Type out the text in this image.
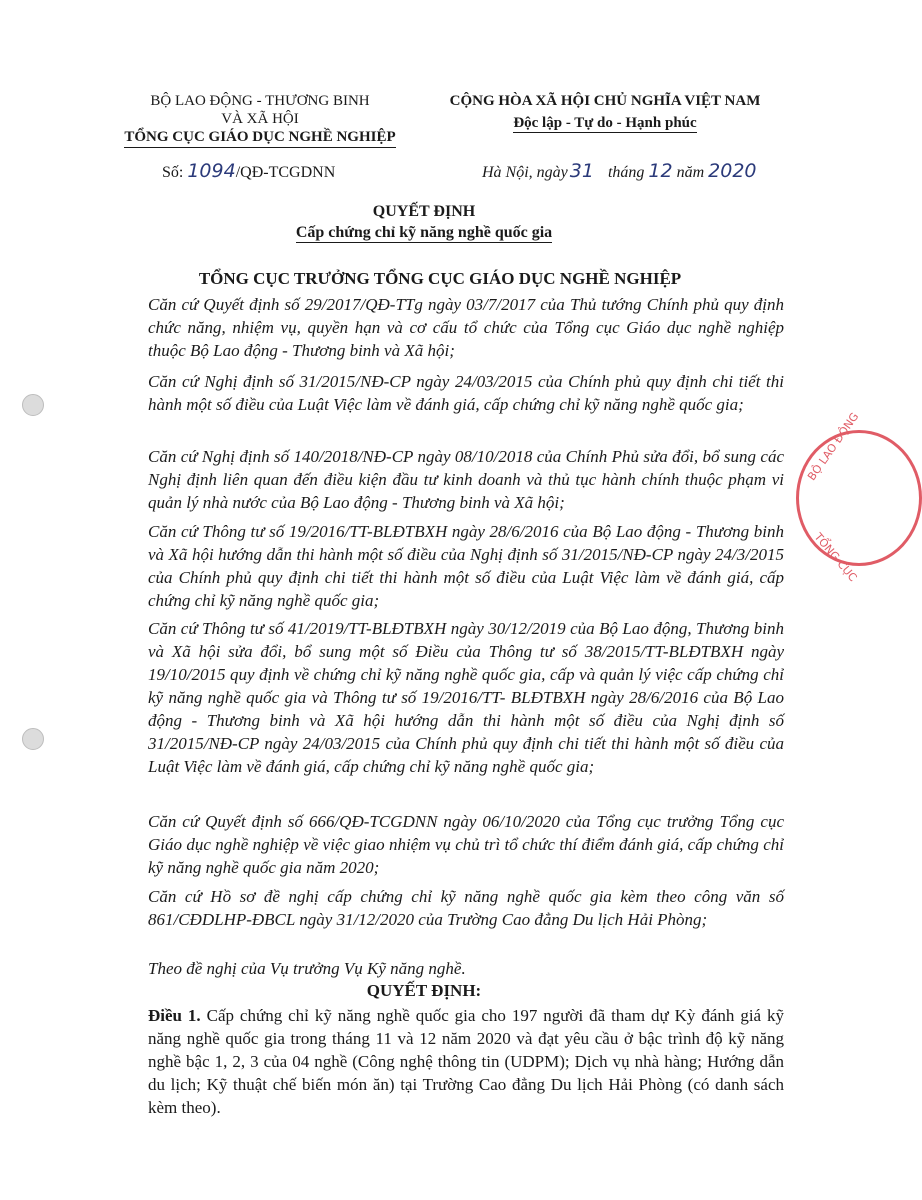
BỘ LAO ĐỘNG
TỔNG CỤC
BỘ LAO ĐỘNG - THƯƠNG BINH
VÀ XÃ HỘI
TỔNG CỤC GIÁO DỤC NGHỀ NGHIỆP
Số: 1094/QĐ-TCGDNN
CỘNG HÒA XÃ HỘI CHỦ NGHĨA VIỆT NAM
Độc lập - Tự do - Hạnh phúc
Hà Nội, ngày 31 tháng 12 năm 2020
QUYẾT ĐỊNH
Cấp chứng chỉ kỹ năng nghề quốc gia
TỔNG CỤC TRƯỞNG TỔNG CỤC GIÁO DỤC NGHỀ NGHIỆP
Căn cứ Quyết định số 29/2017/QĐ-TTg ngày 03/7/2017 của Thủ tướng Chính phủ quy định chức năng, nhiệm vụ, quyền hạn và cơ cấu tổ chức của Tổng cục Giáo dục nghề nghiệp thuộc Bộ Lao động - Thương binh và Xã hội;
Căn cứ Nghị định số 31/2015/NĐ-CP ngày 24/03/2015 của Chính phủ quy định chi tiết thi hành một số điều của Luật Việc làm về đánh giá, cấp chứng chỉ kỹ năng nghề quốc gia;
Căn cứ Nghị định số 140/2018/NĐ-CP ngày 08/10/2018 của Chính Phủ sửa đổi, bổ sung các Nghị định liên quan đến điều kiện đầu tư kinh doanh và thủ tục hành chính thuộc phạm vi quản lý nhà nước của Bộ Lao động - Thương binh và Xã hội;
Căn cứ Thông tư số 19/2016/TT-BLĐTBXH ngày 28/6/2016 của Bộ Lao động - Thương binh và Xã hội hướng dẫn thi hành một số điều của Nghị định số 31/2015/NĐ-CP ngày 24/3/2015 của Chính phủ quy định chi tiết thi hành một số điều của Luật Việc làm về đánh giá, cấp chứng chỉ kỹ năng nghề quốc gia;
Căn cứ Thông tư số 41/2019/TT-BLĐTBXH ngày 30/12/2019 của Bộ Lao động, Thương binh và Xã hội sửa đổi, bổ sung một số Điều của Thông tư số 38/2015/TT-BLĐTBXH ngày 19/10/2015 quy định về chứng chỉ kỹ năng nghề quốc gia, cấp và quản lý việc cấp chứng chỉ kỹ năng nghề quốc gia và Thông tư số 19/2016/TT- BLĐTBXH ngày 28/6/2016 của Bộ Lao động - Thương binh và Xã hội hướng dẫn thi hành một số điều của Nghị định số 31/2015/NĐ-CP ngày 24/03/2015 của Chính phủ quy định chi tiết thi hành một số điều của Luật Việc làm về đánh giá, cấp chứng chỉ kỹ năng nghề quốc gia;
Căn cứ Quyết định số 666/QĐ-TCGDNN ngày 06/10/2020 của Tổng cục trưởng Tổng cục Giáo dục nghề nghiệp về việc giao nhiệm vụ chủ trì tổ chức thí điểm đánh giá, cấp chứng chỉ kỹ năng nghề quốc gia năm 2020;
Căn cứ Hồ sơ đề nghị cấp chứng chỉ kỹ năng nghề quốc gia kèm theo công văn số 861/CĐDLHP-ĐBCL ngày 31/12/2020 của Trường Cao đẳng Du lịch Hải Phòng;
Theo đề nghị của Vụ trưởng Vụ Kỹ năng nghề.
QUYẾT ĐỊNH:
Điều 1. Cấp chứng chỉ kỹ năng nghề quốc gia cho 197 người đã tham dự Kỳ đánh giá kỹ năng nghề quốc gia trong tháng 11 và 12 năm 2020 và đạt yêu cầu ở bậc trình độ kỹ năng nghề bậc 1, 2, 3 của 04 nghề (Công nghệ thông tin (UDPM); Dịch vụ nhà hàng; Hướng dẫn du lịch; Kỹ thuật chế biến món ăn) tại Trường Cao đẳng Du lịch Hải Phòng (có danh sách kèm theo).
